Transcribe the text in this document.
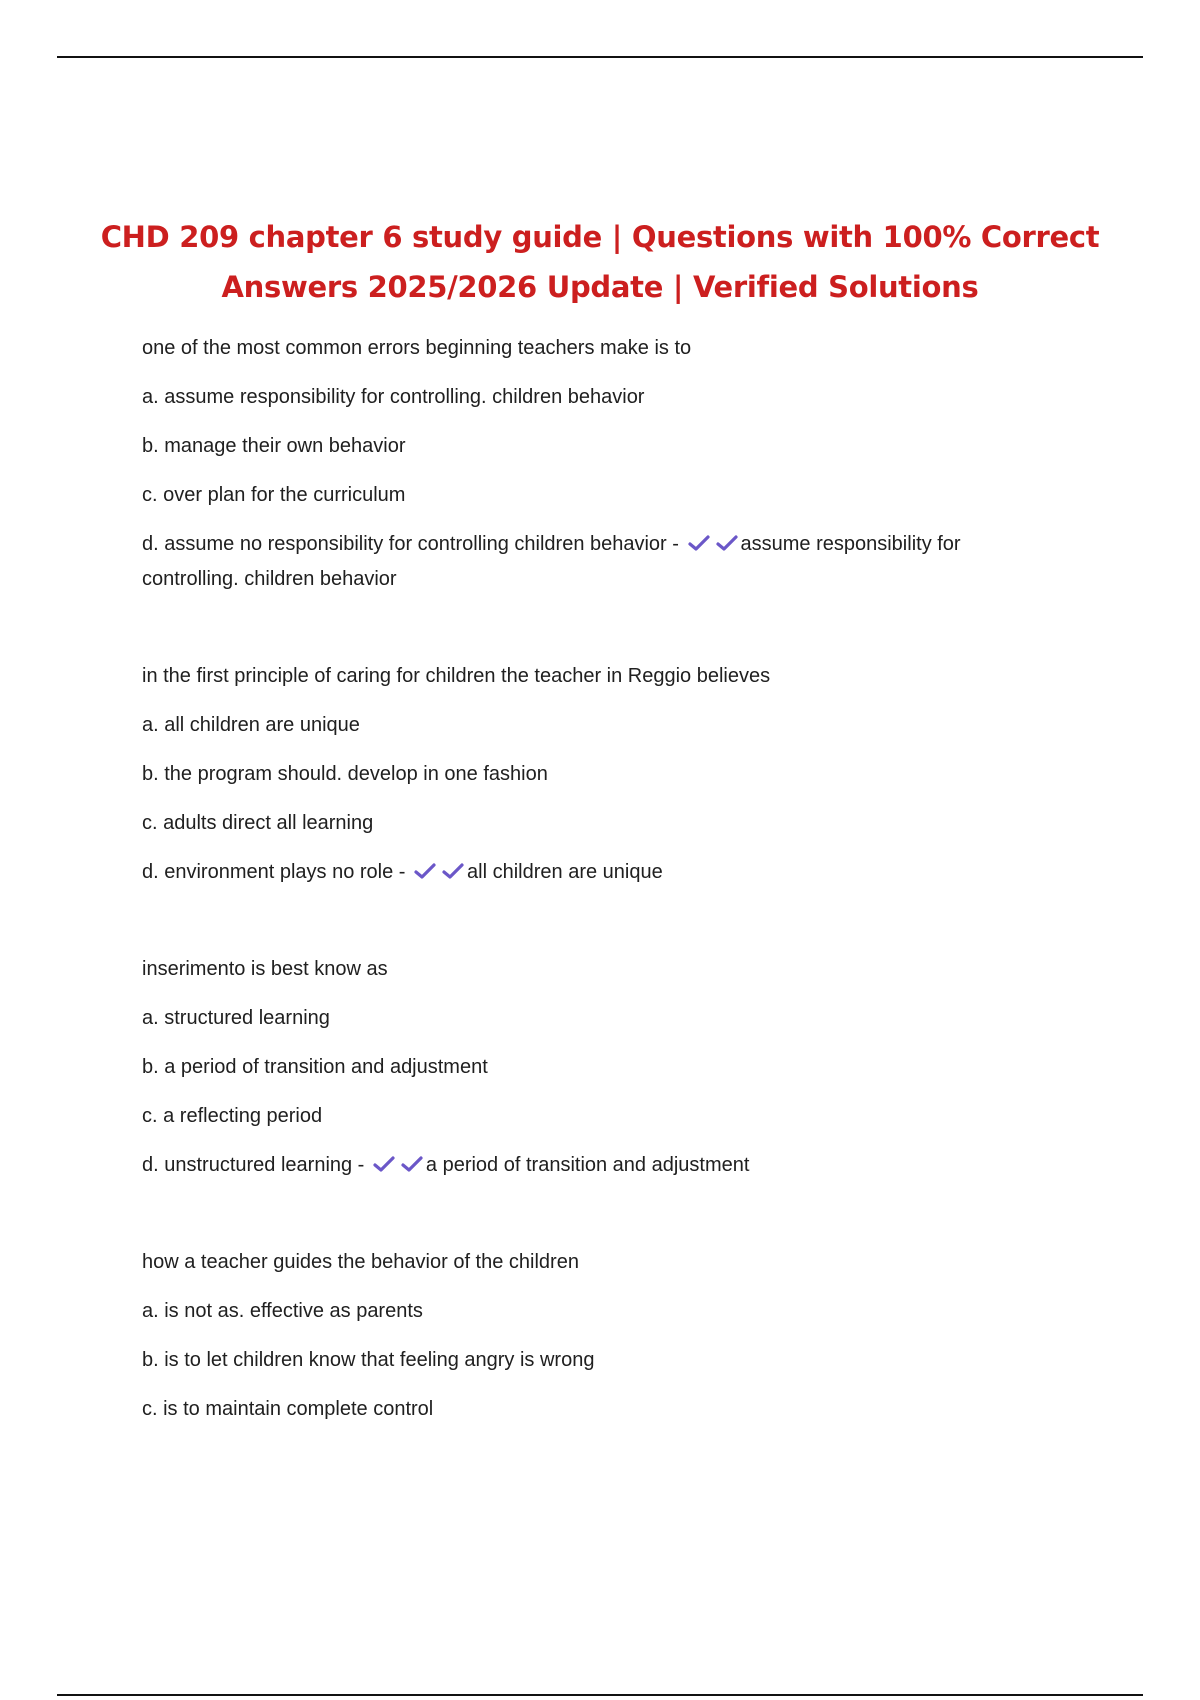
CHD 209 chapter 6 study guide | Questions with 100% Correct Answers 2025/2026 Update | Verified Solutions
one of the most common errors beginning teachers make is to
a. assume responsibility for controlling. children behavior
b. manage their own behavior
c. over plan for the curriculum
d. assume no responsibility for controlling children behavior -	assume responsibility for controlling. children behavior
in the first principle of caring for children the teacher in Reggio believes
a. all children are unique
b. the program should. develop in one fashion
c. adults direct all learning
d. environment plays no role -	all children are unique
inserimento is best know as
a. structured learning
b. a period of transition and adjustment
c. a reflecting period
d. unstructured learning -	a period of transition and adjustment
how a teacher guides the behavior of the children
a. is not as. effective as parents
b. is to let children know that feeling angry is wrong
c. is to maintain complete control
